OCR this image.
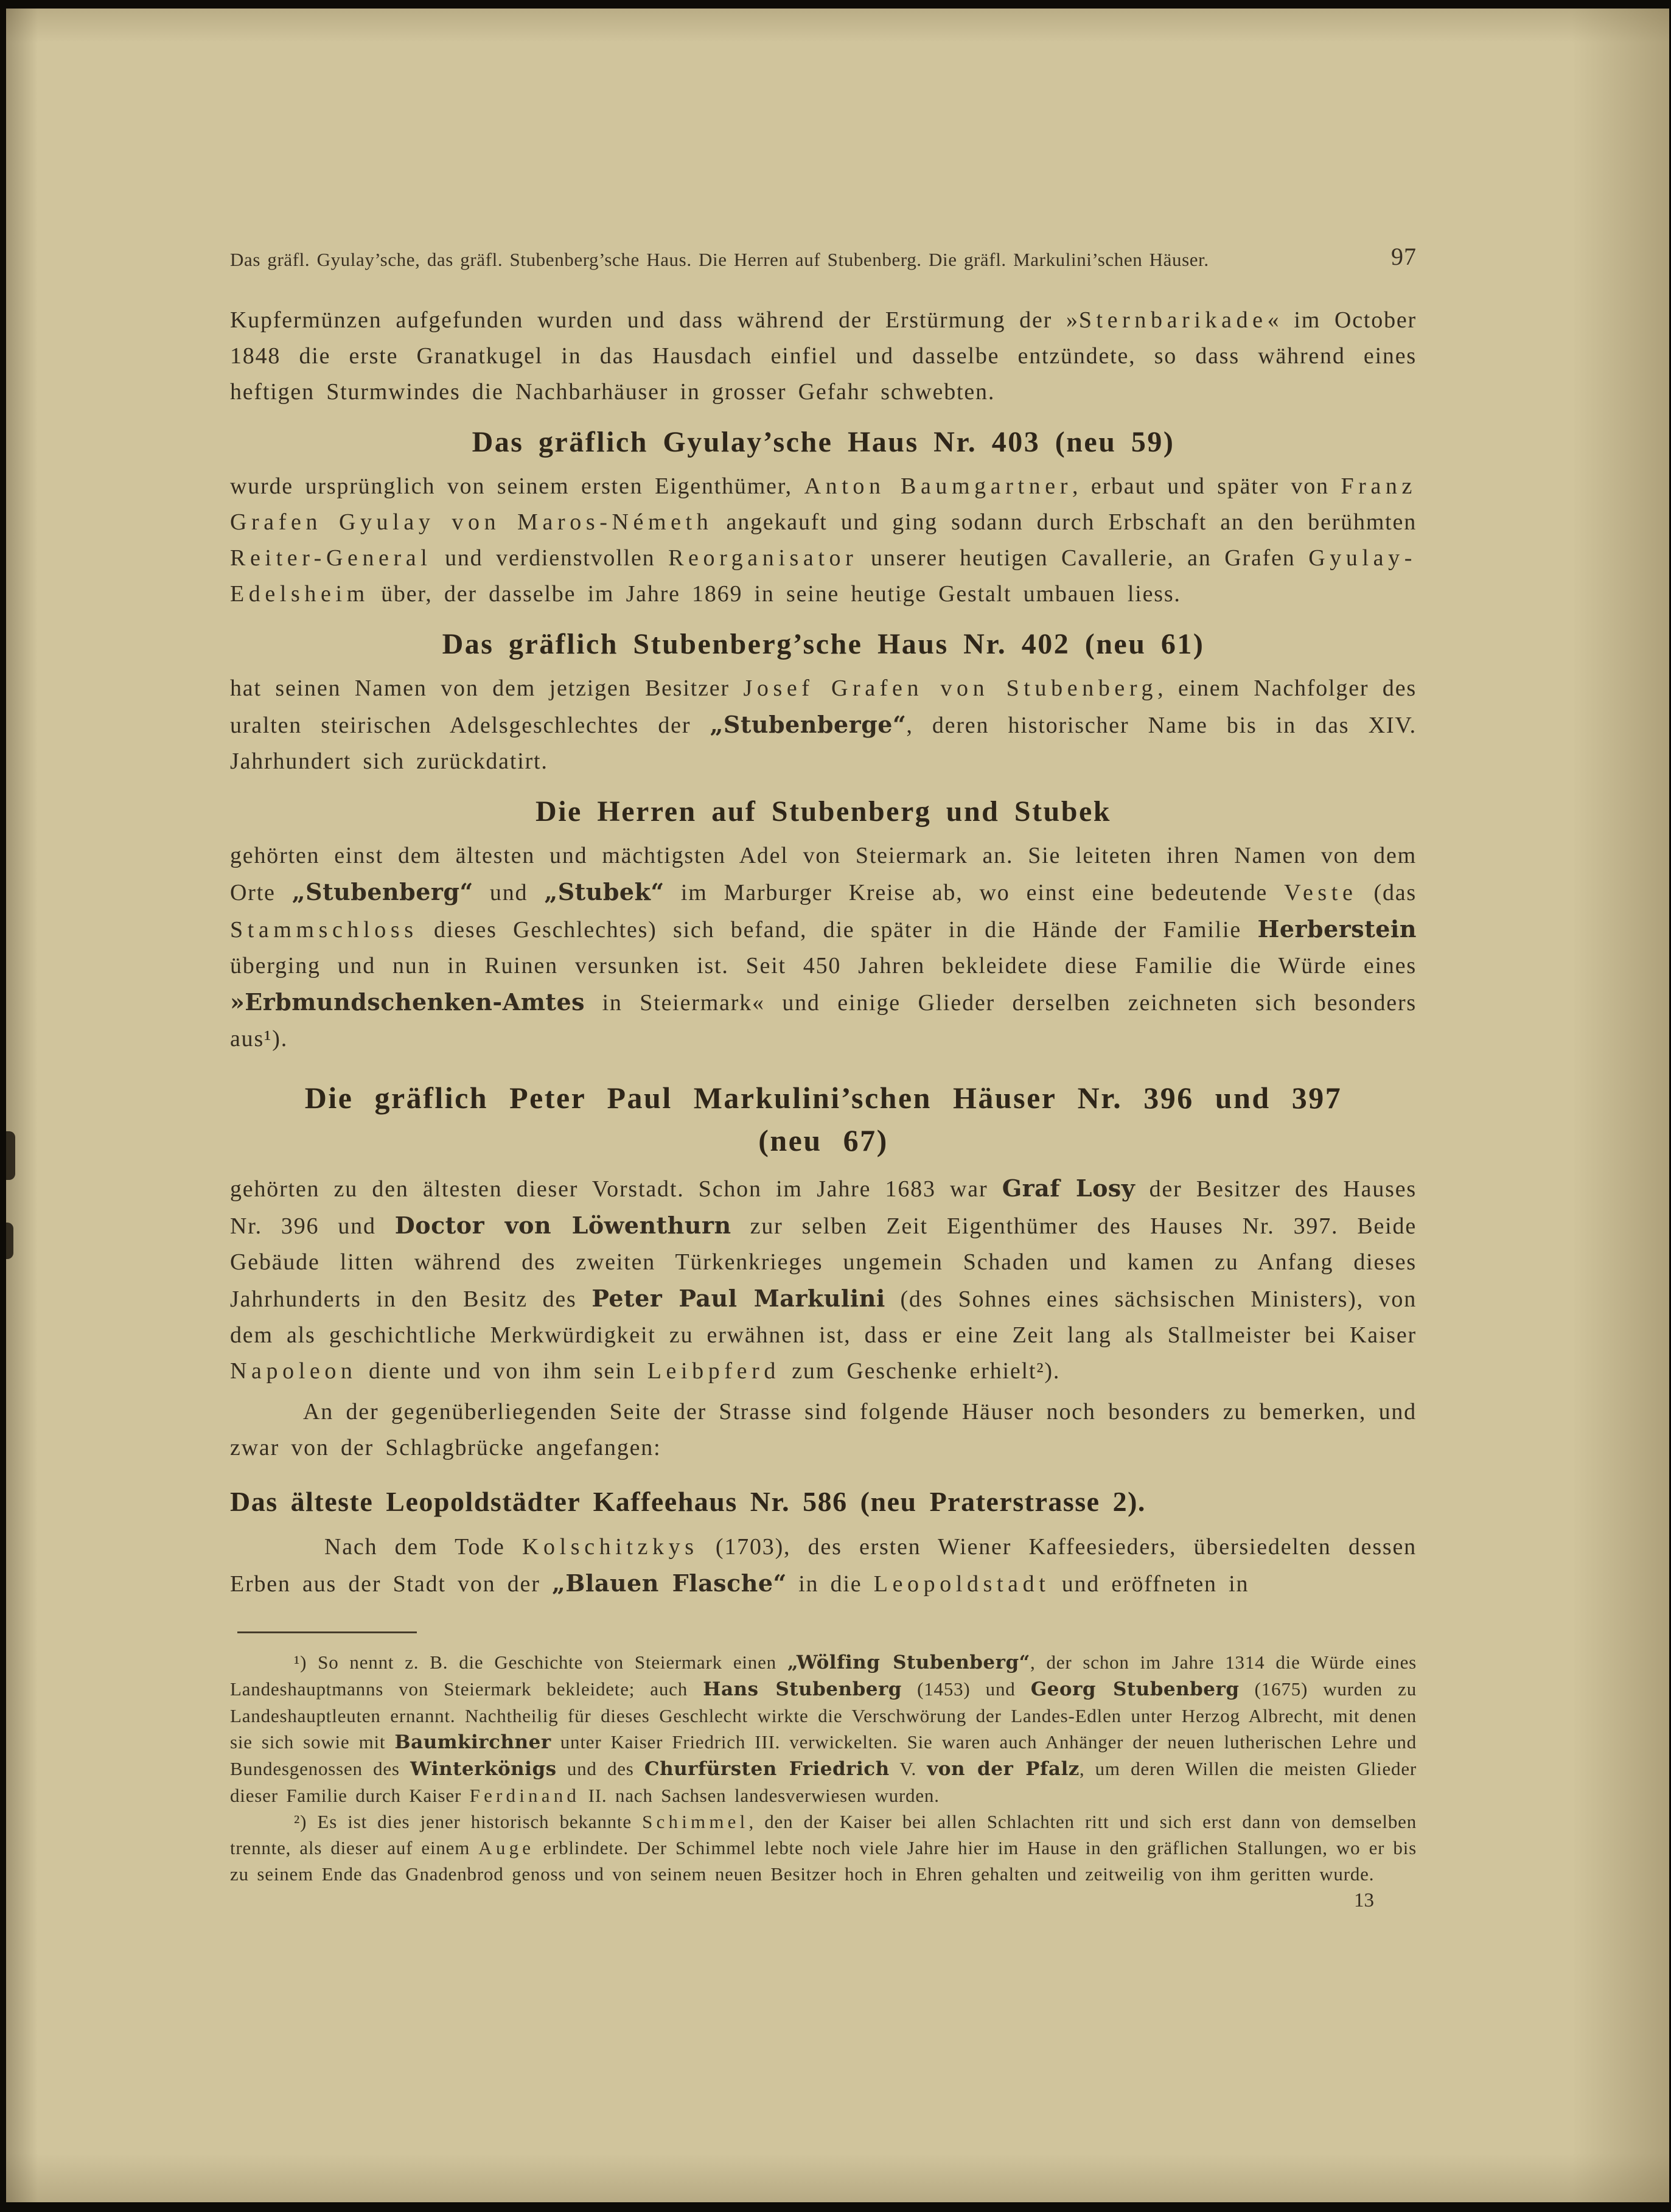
Das gräfl. Gyulay’sche, das gräfl. Stubenberg’sche Haus. Die Herren auf Stubenberg. Die gräfl. Markulini’schen Häuser.	97

Kupfermünzen aufgefunden wurden und dass während der Erstürmung der »Sternbarikade« im October 1848 die erste Granatkugel in das Hausdach einfiel und dasselbe entzündete, so dass während eines heftigen Sturmwindes die Nachbarhäuser in grosser Gefahr schwebten.

Das gräflich Gyulay’sche Haus Nr. 403 (neu 59)

wurde ursprünglich von seinem ersten Eigenthümer, Anton Baumgartner, erbaut und später von Franz Grafen Gyulay von Maros-Németh angekauft und ging sodann durch Erbschaft an den berühmten Reiter-General und verdienstvollen Reorganisator unserer heutigen Cavallerie, an Grafen Gyulay-Edelsheim über, der dasselbe im Jahre 1869 in seine heutige Gestalt umbauen liess.

Das gräflich Stubenberg’sche Haus Nr. 402 (neu 61)

hat seinen Namen von dem jetzigen Besitzer Josef Grafen von Stubenberg, einem Nachfolger des uralten steirischen Adelsgeschlechtes der „Stubenberge“, deren historischer Name bis in das XIV. Jahrhundert sich zurückdatirt.

Die Herren auf Stubenberg und Stubek

gehörten einst dem ältesten und mächtigsten Adel von Steiermark an. Sie leiteten ihren Namen von dem Orte „Stubenberg“ und „Stubek“ im Marburger Kreise ab, wo einst eine bedeutende Veste (das Stammschloss dieses Geschlechtes) sich befand, die später in die Hände der Familie Herberstein überging und nun in Ruinen versunken ist. Seit 450 Jahren bekleidete diese Familie die Würde eines »Erbmundschenken-Amtes in Steiermark« und einige Glieder derselben zeichneten sich besonders aus¹).

Die gräflich Peter Paul Markulini’schen Häuser Nr. 396 und 397
(neu 67)

gehörten zu den ältesten dieser Vorstadt. Schon im Jahre 1683 war Graf Losy der Besitzer des Hauses Nr. 396 und Doctor von Löwenthurn zur selben Zeit Eigenthümer des Hauses Nr. 397. Beide Gebäude litten während des zweiten Türkenkrieges ungemein Schaden und kamen zu Anfang dieses Jahrhunderts in den Besitz des Peter Paul Markulini (des Sohnes eines sächsischen Ministers), von dem als geschichtliche Merkwürdigkeit zu erwähnen ist, dass er eine Zeit lang als Stallmeister bei Kaiser Napoleon diente und von ihm sein Leibpferd zum Geschenke erhielt²).

An der gegenüberliegenden Seite der Strasse sind folgende Häuser noch besonders zu bemerken, und zwar von der Schlagbrücke angefangen:

Das älteste Leopoldstädter Kaffeehaus Nr. 586 (neu Praterstrasse 2).

Nach dem Tode Kolschitzkys (1703), des ersten Wiener Kaffeesieders, übersiedelten dessen Erben aus der Stadt von der „Blauen Flasche“ in die Leopoldstadt und eröffneten in

¹) So nennt z. B. die Geschichte von Steiermark einen „Wölfing Stubenberg“, der schon im Jahre 1314 die Würde eines Landeshauptmanns von Steiermark bekleidete; auch Hans Stubenberg (1453) und Georg Stubenberg (1675) wurden zu Landeshauptleuten ernannt. Nachtheilig für dieses Geschlecht wirkte die Verschwörung der Landes-Edlen unter Herzog Albrecht, mit denen sie sich sowie mit Baumkirchner unter Kaiser Friedrich III. verwickelten. Sie waren auch Anhänger der neuen lutherischen Lehre und Bundesgenossen des Winterkönigs und des Churfürsten Friedrich V. von der Pfalz, um deren Willen die meisten Glieder dieser Familie durch Kaiser Ferdinand II. nach Sachsen landesverwiesen wurden.

²) Es ist dies jener historisch bekannte Schimmel, den der Kaiser bei allen Schlachten ritt und sich erst dann von demselben trennte, als dieser auf einem Auge erblindete. Der Schimmel lebte noch viele Jahre hier im Hause in den gräflichen Stallungen, wo er bis zu seinem Ende das Gnadenbrod genoss und von seinem neuen Besitzer hoch in Ehren gehalten und zeitweilig von ihm geritten wurde.

13
